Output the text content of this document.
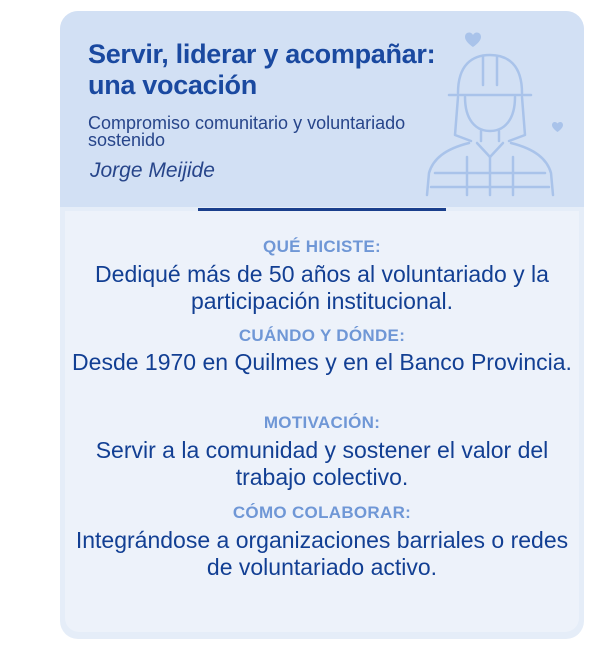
Servir, liderar y acompañar: una vocación

Compromiso comunitario y voluntariado sostenido

Jorge Meijide

QUÉ HICISTE:

Dediqué más de 50 años al voluntariado y la participación institucional.

CUÁNDO Y DÓNDE:

Desde 1970 en Quilmes y en el Banco Provincia.

MOTIVACIÓN:

Servir a la comunidad y sostener el valor del trabajo colectivo.

CÓMO COLABORAR:

Integrándose a organizaciones barriales o redes de voluntariado activo.
